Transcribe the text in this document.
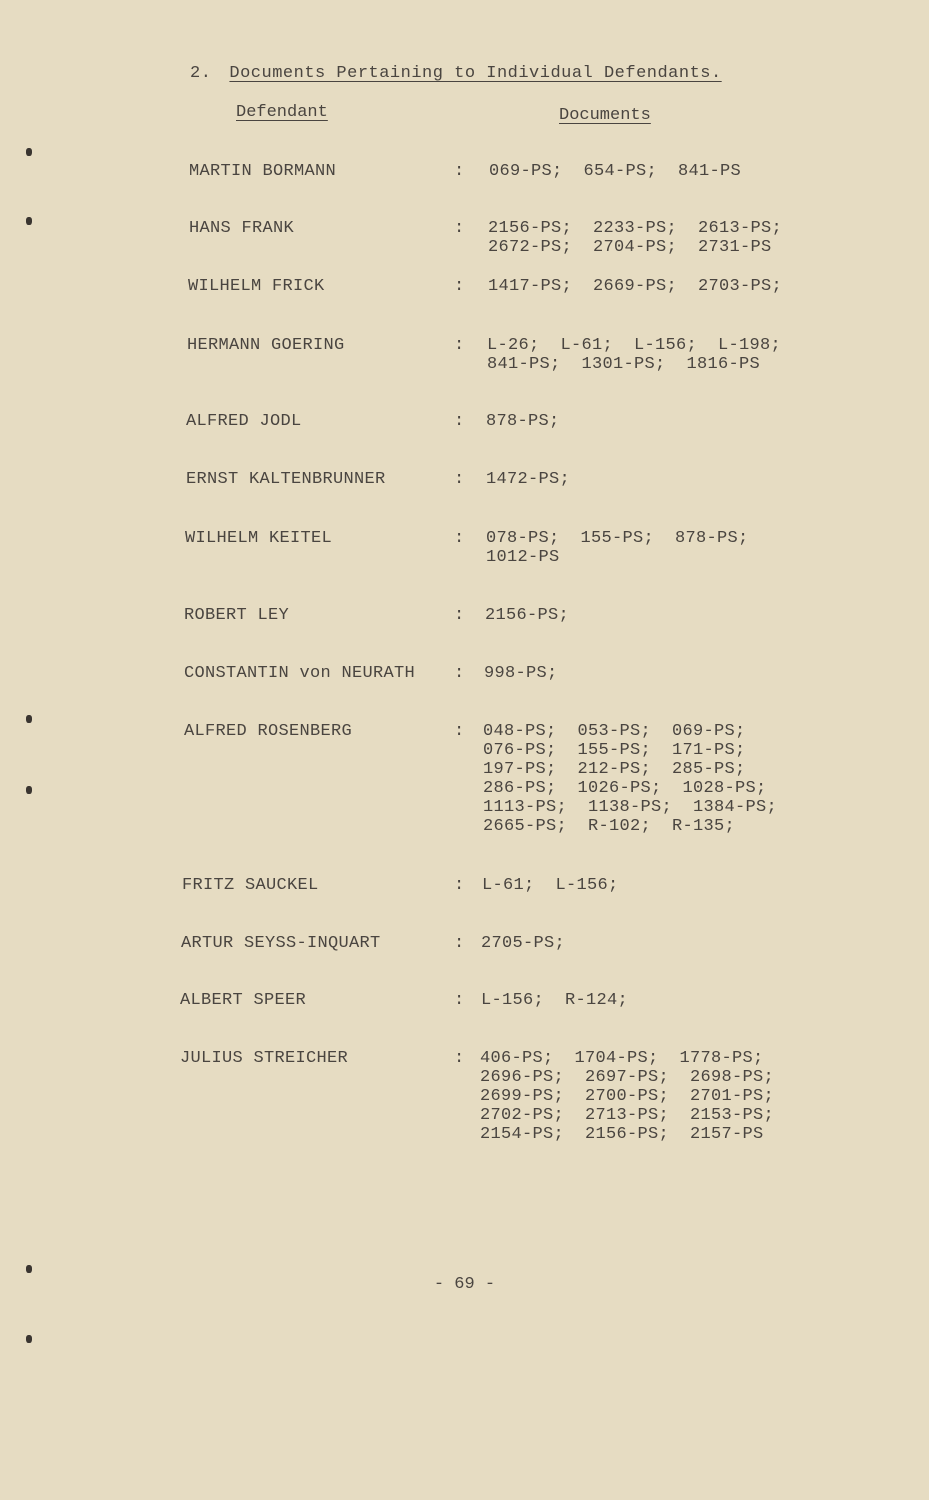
2. Documents Pertaining to Individual Defendants.
Defendant	Documents
MARTIN BORMANN	: 069-PS;  654-PS;  841-PS
HANS FRANK	: 2156-PS;  2233-PS;  2613-PS;
2672-PS;  2704-PS;  2731-PS
WILHELM FRICK	: 1417-PS;  2669-PS;  2703-PS;
HERMANN GOERING	: L-26;  L-61;  L-156;  L-198;
841-PS;  1301-PS;  1816-PS
ALFRED JODL	: 878-PS;
ERNST KALTENBRUNNER	: 1472-PS;
WILHELM KEITEL	: 078-PS;  155-PS;  878-PS;
1012-PS
ROBERT LEY	: 2156-PS;
CONSTANTIN von NEURATH : 998-PS;
ALFRED ROSENBERG	: 048-PS;  053-PS;  069-PS;
076-PS;  155-PS;  171-PS;
197-PS;  212-PS;  285-PS;
286-PS;  1026-PS;  1028-PS;
1113-PS;  1138-PS;  1384-PS;
2665-PS;  R-102;  R-135;
FRITZ SAUCKEL	: L-61;  L-156;
ARTUR SEYSS-INQUART	: 2705-PS;
ALBERT SPEER	: L-156;  R-124;
JULIUS STREICHER	: 406-PS;  1704-PS;  1778-PS;
2696-PS;  2697-PS;  2698-PS;
2699-PS;  2700-PS;  2701-PS;
2702-PS;  2713-PS;  2153-PS;
2154-PS;  2156-PS;  2157-PS
- 69 -
